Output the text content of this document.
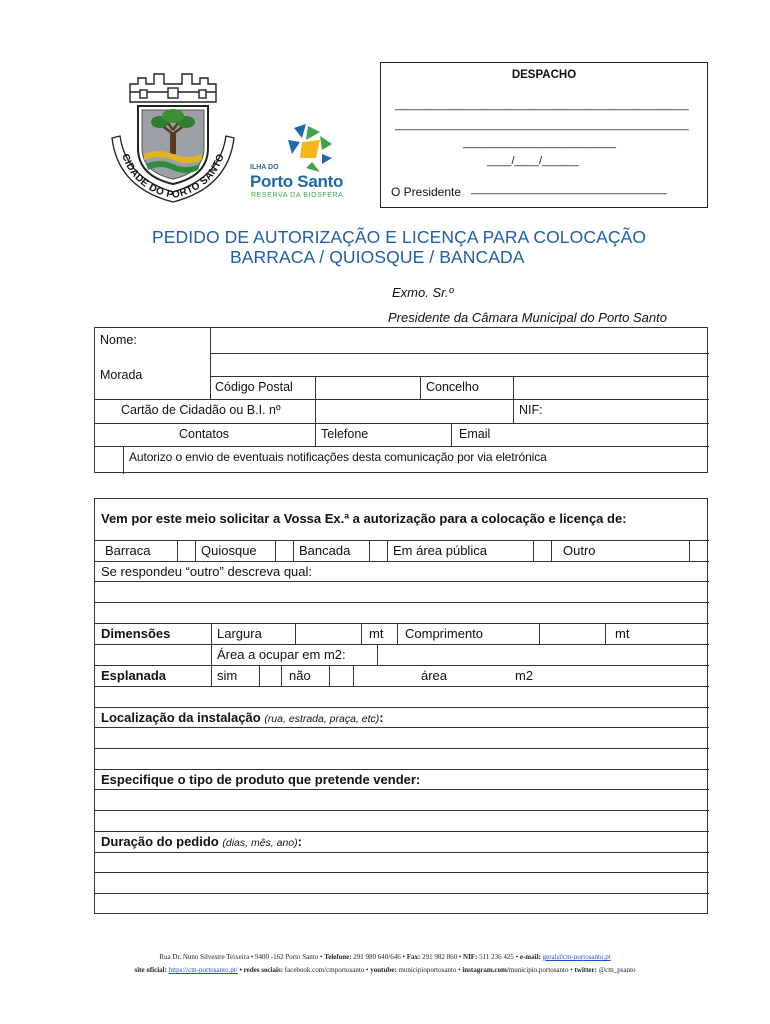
CIDADE DO PORTO SANTO
ILHA DO
Porto Santo
RESERVA DA BIOSFERA
DESPACHO
________________________________________________
________________________________________________
_________________________
____/____/______
O Presidente ________________________________
PEDIDO DE AUTORIZAÇÃO E LICENÇA PARA COLOCAÇÃO
BARRACA / QUIOSQUE / BANCADA
Exmo. Sr.º
Presidente da Câmara Municipal do Porto Santo
Nome:
Morada
Código Postal	Concelho
Cartão de Cidadão ou B.I. nº	NIF:
Contatos	Telefone	Email
Autorizo o envio de eventuais notificações desta comunicação por via eletrónica
Vem por este meio solicitar a Vossa Ex.ª a autorização para a colocação e licença de:
Barraca	Quiosque	Bancada	Em área pública	Outro
Se respondeu “outro” descreva qual:
Dimensões	Largura	mt Comprimento	mt
Área a ocupar em m2:
Esplanada	sim	não	área	m2
Localização da instalação (rua, estrada, praça, etc):
Especifique o tipo de produto que pretende vender:
Duração do pedido (dias, mês, ano):
Rua Dr. Nuno Silvestre Teixeira • 9400 -162 Porto Santo • Telefone: 291 980 640/646 • Fax: 291 982 860 • NIF: 511 236 425 • e-mail: geral@cm-portosanto.pt
site oficial: https://cm-portosanto.pt/ • redes sociais: facebook.com/cmportosanto • youtube: municipioportosanto • instagram.com/municipio.portosanto • twitter: @cm_psanto
